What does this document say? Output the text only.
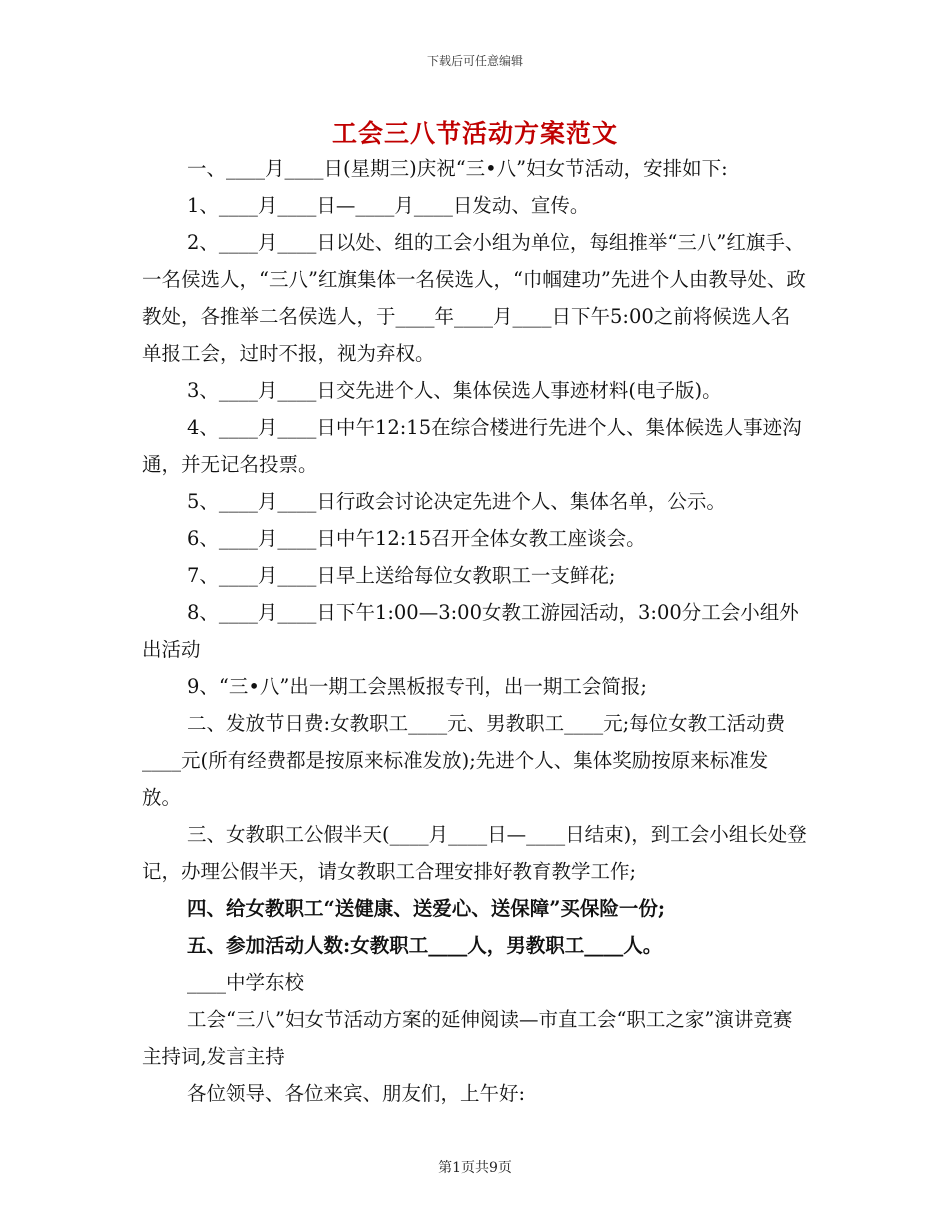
下载后可任意编辑
工会三八节活动方案范文

一、____月____日(星期三)庆祝“三•八”妇女节活动，安排如下:

1、____月____日—____月____日发动、宣传。

2、____月____日以处、组的工会小组为单位，每组推举“三八”红旗手、一名侯选人，“三八”红旗集体一名侯选人，“巾帼建功”先进个人由教导处、政教处，各推举二名侯选人，于____年____月____日下午5:00之前将候选人名单报工会，过时不报，视为弃权。

3、____月____日交先进个人、集体侯选人事迹材料(电子版)。

4、____月____日中午12:15在综合楼进行先进个人、集体候选人事迹沟通，并无记名投票。

5、____月____日行政会讨论决定先进个人、集体名单，公示。

6、____月____日中午12:15召开全体女教工座谈会。

7、____月____日早上送给每位女教职工一支鲜花;

8、____月____日下午1:00—3:00女教工游园活动，3:00分工会小组外出活动

9、“三•八”出一期工会黑板报专刊，出一期工会简报;

二、发放节日费:女教职工____元、男教职工____元;每位女教工活动费____元(所有经费都是按原来标准发放);先进个人、集体奖励按原来标准发放。

三、女教职工公假半天(____月____日—____日结束)，到工会小组长处登记，办理公假半天，请女教职工合理安排好教育教学工作;

四、给女教职工“送健康、送爱心、送保障”买保险一份;

五、参加活动人数:女教职工____人，男教职工____人。

____中学东校

工会“三八”妇女节活动方案的延伸阅读—市直工会“职工之家”演讲竞赛主持词,发言主持

各位领导、各位来宾、朋友们，上午好:

第1页共9页
